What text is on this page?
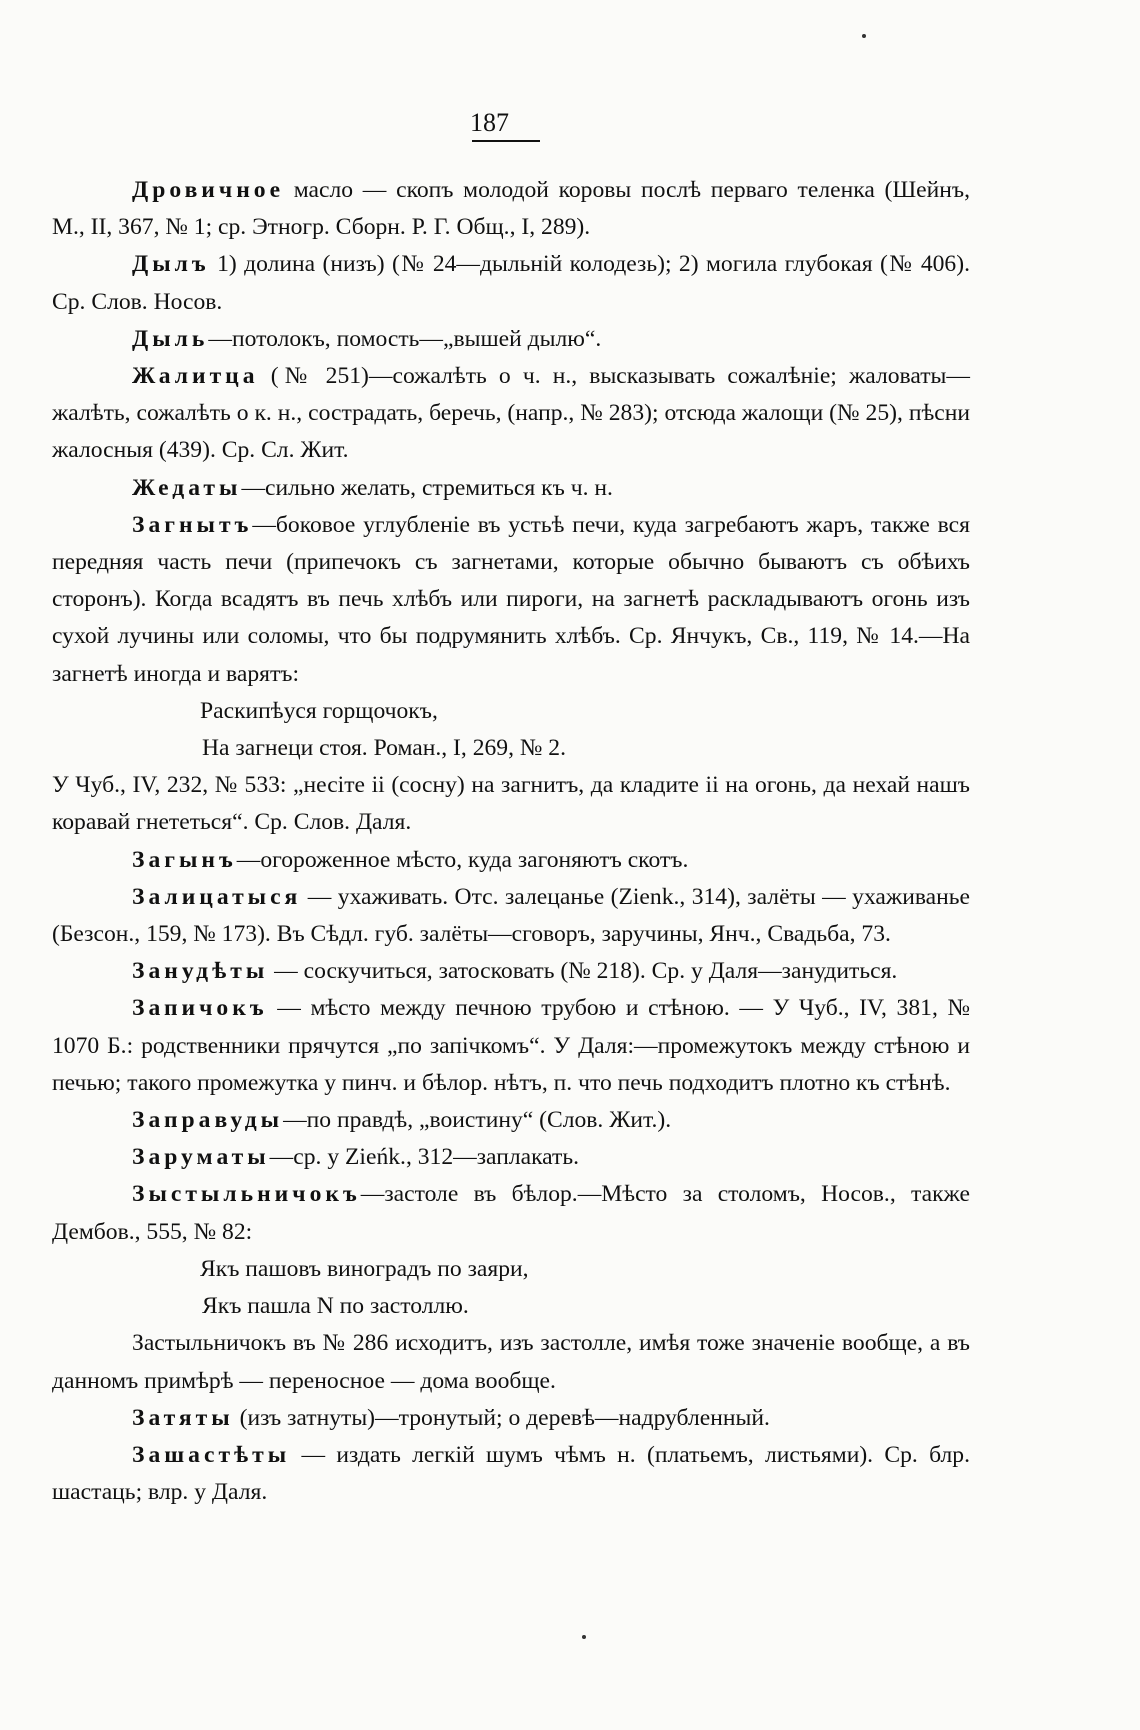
187

Дровичное масло — скопъ молодой коровы послѣ перваго теленка (Шейнъ, М., II, 367, № 1; ср. Этногр. Сборн. Р. Г. Общ., I, 289).

Дылъ 1) долина (низъ) (№ 24—дыльній колодезь); 2) могила глубокая (№ 406). Ср. Слов. Носов.

Дыль—потолокъ, помость—„вышей дылю“.

Жалитца (№ 251)—сожалѣть о ч. н., высказывать сожалѣніе; жаловаты—жалѣть, сожалѣть о к. н., сострадать, беречь, (напр., № 283); отсюда жалощи (№ 25), пѣсни жалосныя (439). Ср. Сл. Жит.

Жедаты—сильно желать, стремиться къ ч. н.

Загнытъ—боковое углубленіе въ устьѣ печи, куда загребаютъ жаръ, также вся передняя часть печи (припечокъ съ загнетами, которые обычно бываютъ съ обѣихъ сторонъ). Когда всадятъ въ печь хлѣбъ или пироги, на загнетѣ раскладываютъ огонь изъ сухой лучины или соломы, что бы подрумянить хлѣбъ. Ср. Янчукъ, Св., 119, № 14.—На загнетѣ иногда и варятъ:

Раскипѣуся горщочокъ,

На загнеци стоя. Роман., I, 269, № 2.

У Чуб., IV, 232, № 533: „несіте іі (сосну) на загнитъ, да кладите іі на огонь, да нехай нашъ коравай гнететься“. Ср. Слов. Даля.

Загынъ—огороженное мѣсто, куда загоняютъ скотъ.

Залицатыся — ухаживать. Отс. залецанье (Zienk., 314), залёты — ухаживанье (Безсон., 159, № 173). Въ Сѣдл. губ. залёты—сговоръ, заручины, Янч., Свадьба, 73.

Занудѣты — соскучиться, затосковать (№ 218). Ср. у Даля—занудиться.

Запичокъ — мѣсто между печною трубою и стѣною. — У Чуб., IV, 381, № 1070 Б.: родственники прячутся „по запічкомъ“. У Даля:—промежутокъ между стѣною и печью; такого промежутка у пинч. и бѣлор. нѣтъ, п. что печь подходитъ плотно къ стѣнѣ.

Заправуды—по правдѣ, „воистину“ (Слов. Жит.).

Заруматы—ср. у Zieńk., 312—заплакать.

Зыстыльничокъ—застоле въ бѣлор.—Мѣсто за столомъ, Носов., также Дембов., 555, № 82:

Якъ пашовъ виноградъ по заяри,

Якъ пашла N по застоллю.

Застыльничокъ въ № 286 исходитъ, изъ застолле, имѣя тоже значеніе вообще, а въ данномъ примѣрѣ — переносное — дома вообще.

Затяты (изъ затнуты)—тронутый; о деревѣ—надрубленный.

Зашастѣты — издать легкій шумъ чѣмъ н. (платьемъ, листьями). Ср. блр. шастаць; влр. у Даля.
